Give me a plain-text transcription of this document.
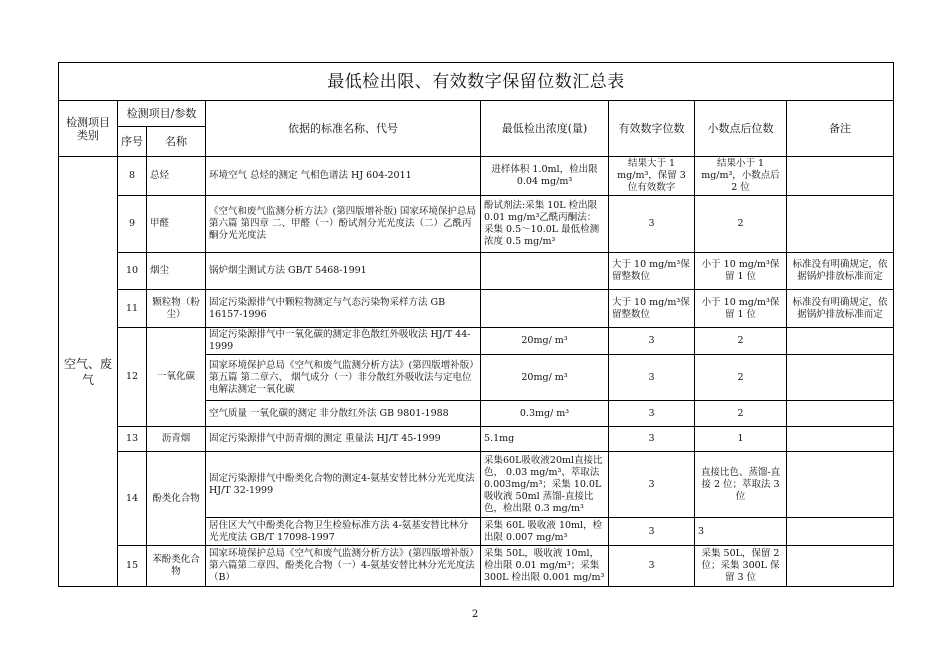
最低检出限、有效数字保留位数汇总表							
检测项目类别	检测项目/参数		依据的标准名称、代号	最低检出浓度(量)	有效数字位数	小数点后位数	备注
	序号	名称					
空气、废气	8	总烃	环境空气 总烃的测定 气相色谱法 HJ 604-2011	进样体积 1.0ml，检出限 0.04 mg/m³	结果大于 1 mg/m³，保留 3 位有效数字	结果小于 1 mg/m³，小数点后 2 位	
	9	甲醛	《空气和废气监测分析方法》(第四版增补版) 国家环境保护总局第六篇 第四章 二、甲醛（一）酚试剂分光光度法（二）乙酰丙酮分光光度法	酚试剂法:采集 10L 检出限 0.01 mg/m³乙酰丙酮法：采集 0.5～10.0L 最低检测浓度 0.5 mg/m³	3	2	
	10	烟尘	锅炉烟尘测试方法 GB/T 5468-1991		大于 10 mg/m³保留整数位	小于 10 mg/m³保留 1 位	标准没有明确规定，依据锅炉排放标准而定
	11	颗粒物（粉尘）	固定污染源排气中颗粒物测定与气态污染物采样方法 GB 16157-1996		大于 10 mg/m³保留整数位	小于 10 mg/m³保留 1 位	标准没有明确规定，依据锅炉排放标准而定
	12	一氧化碳	固定污染源排气中一氧化碳的测定非色散红外吸收法 HJ/T 44-1999	20mg/ m³	3	2	
			国家环境保护总局《空气和废气监测分析方法》(第四版增补版）第五篇 第二章六、 烟气成分（一）非分散红外吸收法与定电位电解法测定一氧化碳	20mg/ m³	3	2	
			空气质量 一氧化碳的测定 非分散红外法 GB 9801-1988	0.3mg/ m³	3	2	
	13	沥青烟	固定污染源排气中沥青烟的测定 重量法 HJ/T 45-1999	5.1mg	3	1	
	14	酚类化合物	固定污染源排气中酚类化合物的测定4-氨基安替比林分光光度法 HJ/T 32-1999	采集60L吸收液20ml直接比色， 0.03 mg/m³、萃取法 0.003mg/m³；采集 10.0L 吸收液 50ml 蒸馏-直接比色，检出限 0.3 mg/m³	3	直接比色、蒸馏-直接 2 位；萃取法 3 位	
			居住区大气中酚类化合物卫生检验标准方法 4-氨基安替比林分光光度法 GB/T 17098-1997	采集 60L 吸收液 10ml，检出限 0.007 mg/m³	3	3	
	15	苯酚类化合物	国家环境保护总局《空气和废气监测分析方法》(第四版增补版）第六篇第二章四、酚类化合物（一）4-氨基安替比林分光光度法（B）	采集 50L，吸收液 10ml，检出限 0.01 mg/m³；采集 300L 检出限 0.001 mg/m³	3	采集 50L，保留 2 位；采集 300L 保留 3 位	
2
